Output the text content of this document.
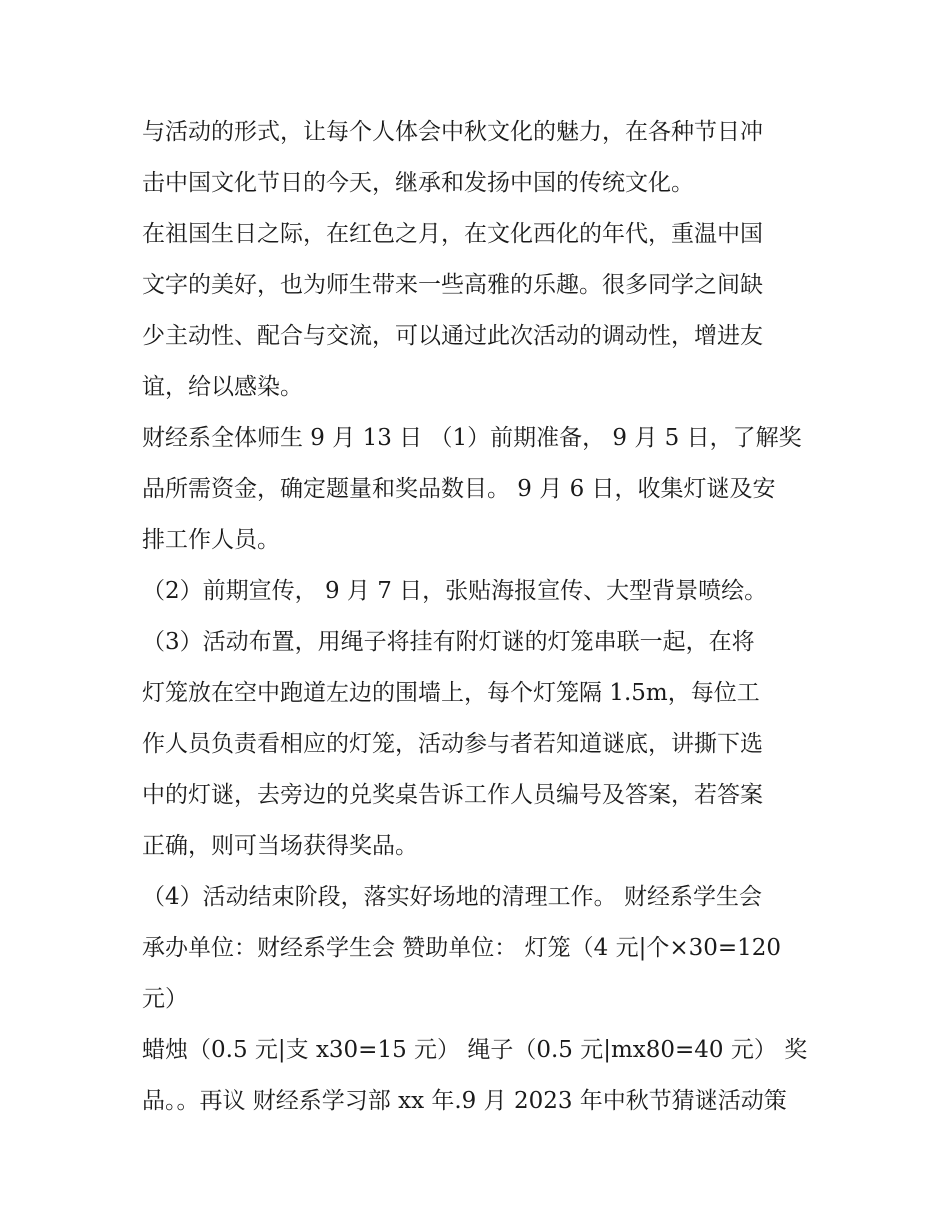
与活动的形式，让每个人体会中秋文化的魅力，在各种节日冲
击中国文化节日的今天，继承和发扬中国的传统文化。
在祖国生日之际，在红色之月，在文化西化的年代，重温中国
文字的美好，也为师生带来一些高雅的乐趣。很多同学之间缺
少主动性、配合与交流，可以通过此次活动的调动性，增进友
谊，给以感染。
财经系全体师生 9 月 13 日 （1）前期准备， 9 月 5 日，了解奖
品所需资金，确定题量和奖品数目。 9 月 6 日，收集灯谜及安
排工作人员。
（2）前期宣传， 9 月 7 日，张贴海报宣传、大型背景喷绘。
（3）活动布置，用绳子将挂有附灯谜的灯笼串联一起，在将
灯笼放在空中跑道左边的围墙上，每个灯笼隔 1.5m，每位工
作人员负责看相应的灯笼，活动参与者若知道谜底，讲撕下选
中的灯谜，去旁边的兑奖桌告诉工作人员编号及答案，若答案
正确，则可当场获得奖品。
（4）活动结束阶段，落实好场地的清理工作。 财经系学生会
承办单位：财经系学生会 赞助单位： 灯笼（4 元|个×30=120
元）
蜡烛（0.5 元|支 x30=15 元） 绳子（0.5 元|mx80=40 元） 奖
品。。再议 财经系学习部 xx 年.9 月 2023 年中秋节猜谜活动策
